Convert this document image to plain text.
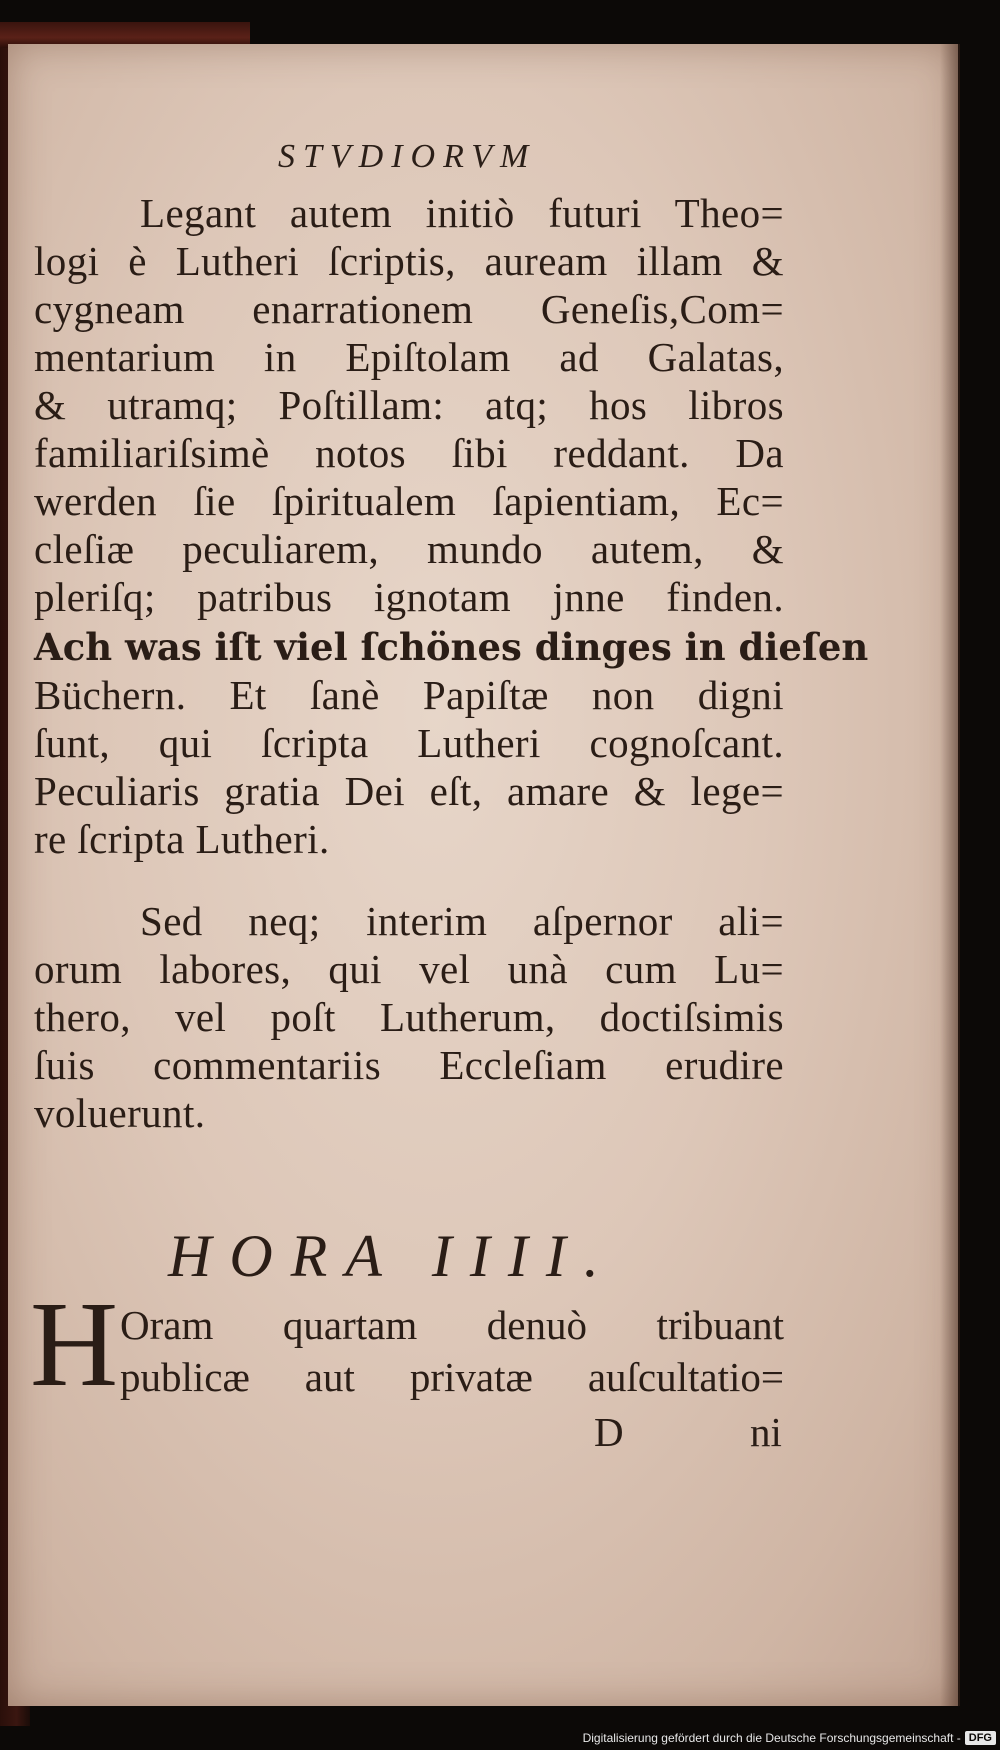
STVDIORVM
Legant autem initiò futuri Theo=
logi è Lutheri ſcriptis, auream illam &
cygneam enarrationem Geneſis,Com=
mentarium in Epiſtolam ad Galatas,
& utramq; Poſtillam: atq; hos libros
familiariſsimè notos ſibi reddant. Da
werden ſie ſpiritualem ſapientiam, Ec=
cleſiæ peculiarem, mundo autem, &
pleriſq; patribus ignotam jnne finden.
Ach was iſt viel ſchönes dinges in dieſen
Büchern. Et ſanè Papiſtæ non digni
ſunt, qui ſcripta Lutheri cognoſcant.
Peculiaris gratia Dei eſt, amare & lege=
re ſcripta Lutheri.
Sed neq; interim aſpernor ali=
orum labores, qui vel unà cum Lu=
thero, vel poſt Lutherum, doctiſsimis
ſuis commentariis Eccleſiam erudire
voluerunt.
HORA IIII.
H Oram quartam denuò tribuant
publicæ aut privatæ auſcultatio=
D	ni
Digitalisierung gefördert durch die Deutsche Forschungsgemeinschaft - DFG
